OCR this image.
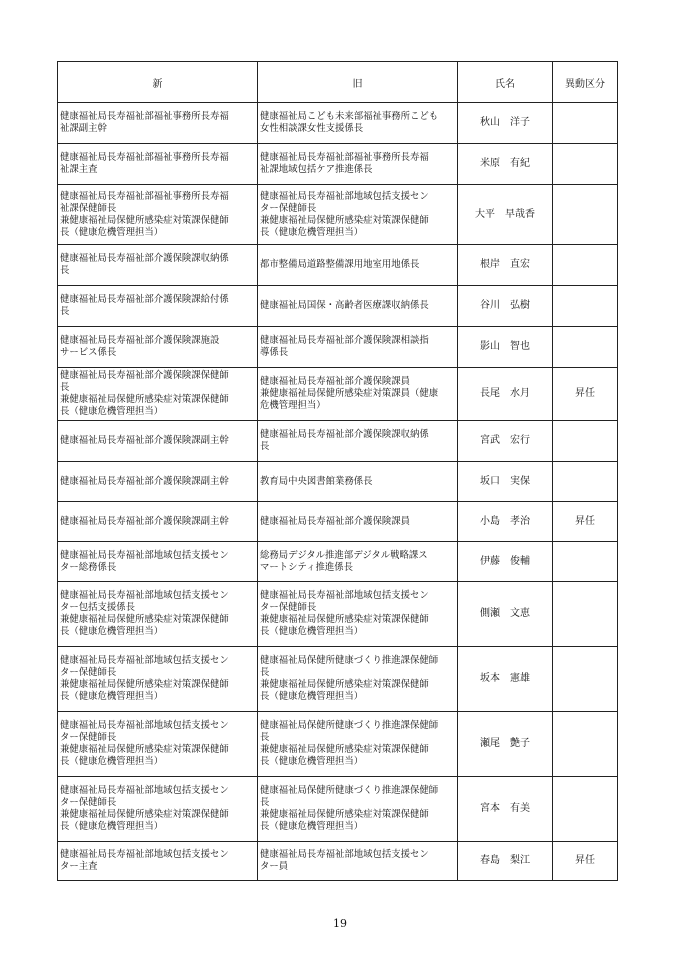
新	旧	氏名	異動区分
健康福祉局長寿福祉部福祉事務所長寿福
祉課副主幹	健康福祉局こども未来部福祉事務所こども
女性相談課女性支援係長	秋山　洋子	
健康福祉局長寿福祉部福祉事務所長寿福
祉課主査	健康福祉局長寿福祉部福祉事務所長寿福
祉課地域包括ケア推進係長	米原　有紀	
健康福祉局長寿福祉部福祉事務所長寿福
祉課保健師長
兼健康福祉局保健所感染症対策課保健師
長（健康危機管理担当）	健康福祉局長寿福祉部地域包括支援セン
ター保健師長
兼健康福祉局保健所感染症対策課保健師
長（健康危機管理担当）	大平　早哉香	
健康福祉局長寿福祉部介護保険課収納係
長	都市整備局道路整備課用地室用地係長	根岸　直宏	
健康福祉局長寿福祉部介護保険課給付係
長	健康福祉局国保・高齢者医療課収納係長	谷川　弘樹	
健康福祉局長寿福祉部介護保険課施設
サービス係長	健康福祉局長寿福祉部介護保険課相談指
導係長	影山　智也	
健康福祉局長寿福祉部介護保険課保健師
長
兼健康福祉局保健所感染症対策課保健師
長（健康危機管理担当）	健康福祉局長寿福祉部介護保険課員
兼健康福祉局保健所感染症対策課員（健康
危機管理担当）	長尾　水月	昇任
健康福祉局長寿福祉部介護保険課副主幹	健康福祉局長寿福祉部介護保険課収納係
長	宮武　宏行	
健康福祉局長寿福祉部介護保険課副主幹	教育局中央図書館業務係長	坂口　実保	
健康福祉局長寿福祉部介護保険課副主幹	健康福祉局長寿福祉部介護保険課員	小島　孝治	昇任
健康福祉局長寿福祉部地域包括支援セン
ター総務係長	総務局デジタル推進部デジタル戦略課ス
マートシティ推進係長	伊藤　俊輔	
健康福祉局長寿福祉部地域包括支援セン
ター包括支援係長
兼健康福祉局保健所感染症対策課保健師
長（健康危機管理担当）	健康福祉局長寿福祉部地域包括支援セン
ター保健師長
兼健康福祉局保健所感染症対策課保健師
長（健康危機管理担当）	側瀬　文恵	
健康福祉局長寿福祉部地域包括支援セン
ター保健師長
兼健康福祉局保健所感染症対策課保健師
長（健康危機管理担当）	健康福祉局保健所健康づくり推進課保健師
長
兼健康福祉局保健所感染症対策課保健師
長（健康危機管理担当）	坂本　憲雄	
健康福祉局長寿福祉部地域包括支援セン
ター保健師長
兼健康福祉局保健所感染症対策課保健師
長（健康危機管理担当）	健康福祉局保健所健康づくり推進課保健師
長
兼健康福祉局保健所感染症対策課保健師
長（健康危機管理担当）	瀬尾　艶子	
健康福祉局長寿福祉部地域包括支援セン
ター保健師長
兼健康福祉局保健所感染症対策課保健師
長（健康危機管理担当）	健康福祉局保健所健康づくり推進課保健師
長
兼健康福祉局保健所感染症対策課保健師
長（健康危機管理担当）	宮本　有美	
健康福祉局長寿福祉部地域包括支援セン
ター主査	健康福祉局長寿福祉部地域包括支援セン
ター員	春島　梨江	昇任
19
